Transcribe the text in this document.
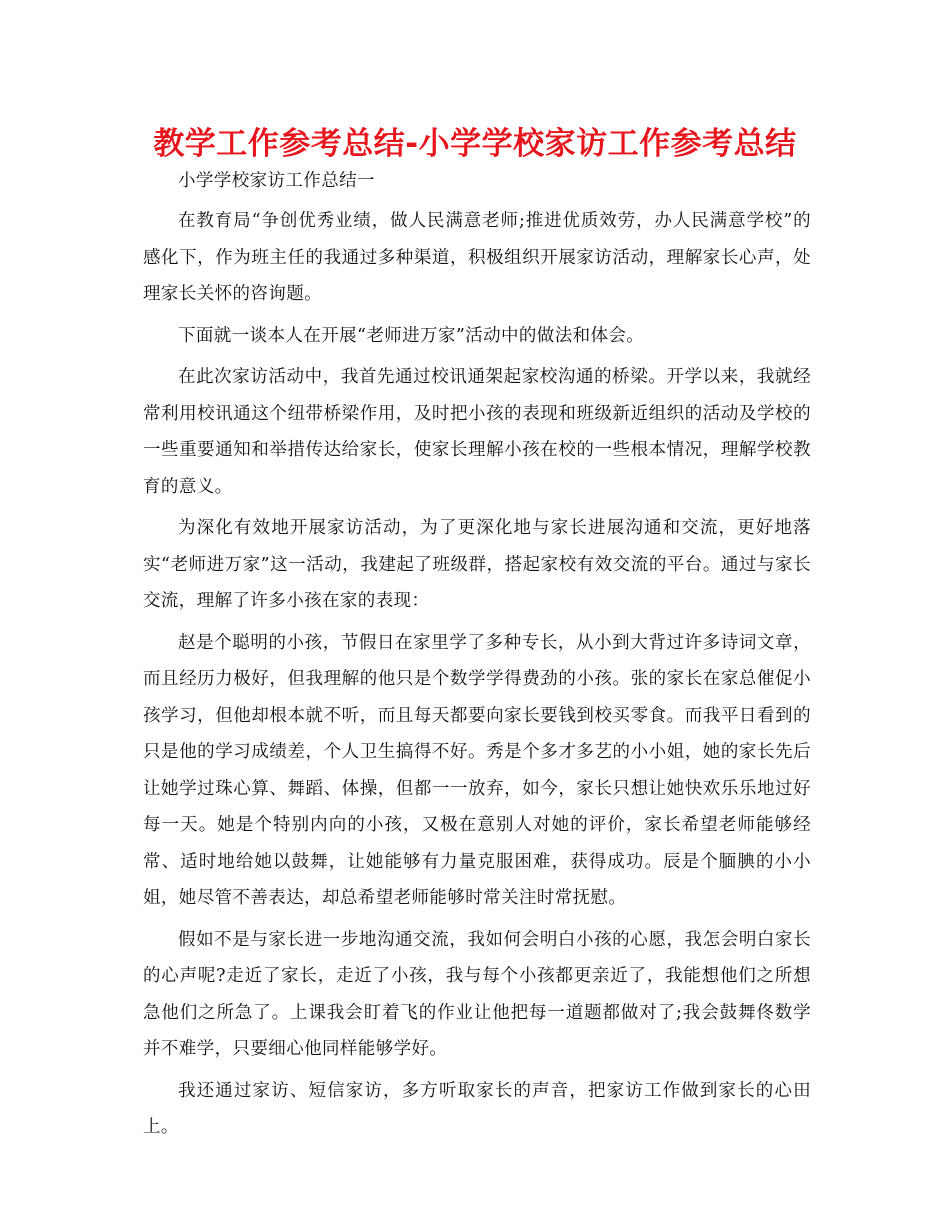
教学工作参考总结-小学学校家访工作参考总结

小学学校家访工作总结一

在教育局“争创优秀业绩，做人民满意老师;推进优质效劳，办人民满意学校”的感化下，作为班主任的我通过多种渠道，积极组织开展家访活动，理解家长心声，处理家长关怀的咨询题。

下面就一谈本人在开展“老师进万家”活动中的做法和体会。

在此次家访活动中，我首先通过校讯通架起家校沟通的桥梁。开学以来，我就经常利用校讯通这个纽带桥梁作用，及时把小孩的表现和班级新近组织的活动及学校的一些重要通知和举措传达给家长，使家长理解小孩在校的一些根本情况，理解学校教育的意义。

为深化有效地开展家访活动，为了更深化地与家长进展沟通和交流，更好地落实“老师进万家”这一活动，我建起了班级群，搭起家校有效交流的平台。通过与家长交流，理解了许多小孩在家的表现：

赵是个聪明的小孩，节假日在家里学了多种专长，从小到大背过许多诗词文章，而且经历力极好，但我理解的他只是个数学学得费劲的小孩。张的家长在家总催促小孩学习，但他却根本就不听，而且每天都要向家长要钱到校买零食。而我平日看到的只是他的学习成绩差，个人卫生搞得不好。秀是个多才多艺的小小姐，她的家长先后让她学过珠心算、舞蹈、体操，但都一一放弃，如今，家长只想让她快欢乐乐地过好每一天。她是个特别内向的小孩，又极在意别人对她的评价，家长希望老师能够经常、适时地给她以鼓舞，让她能够有力量克服困难，获得成功。辰是个腼腆的小小姐，她尽管不善表达，却总希望老师能够时常关注时常抚慰。

假如不是与家长进一步地沟通交流，我如何会明白小孩的心愿，我怎会明白家长的心声呢?走近了家长，走近了小孩，我与每个小孩都更亲近了，我能想他们之所想急他们之所急了。上课我会盯着飞的作业让他把每一道题都做对了;我会鼓舞佟数学并不难学，只要细心他同样能够学好。

我还通过家访、短信家访，多方听取家长的声音，把家访工作做到家长的心田上。
